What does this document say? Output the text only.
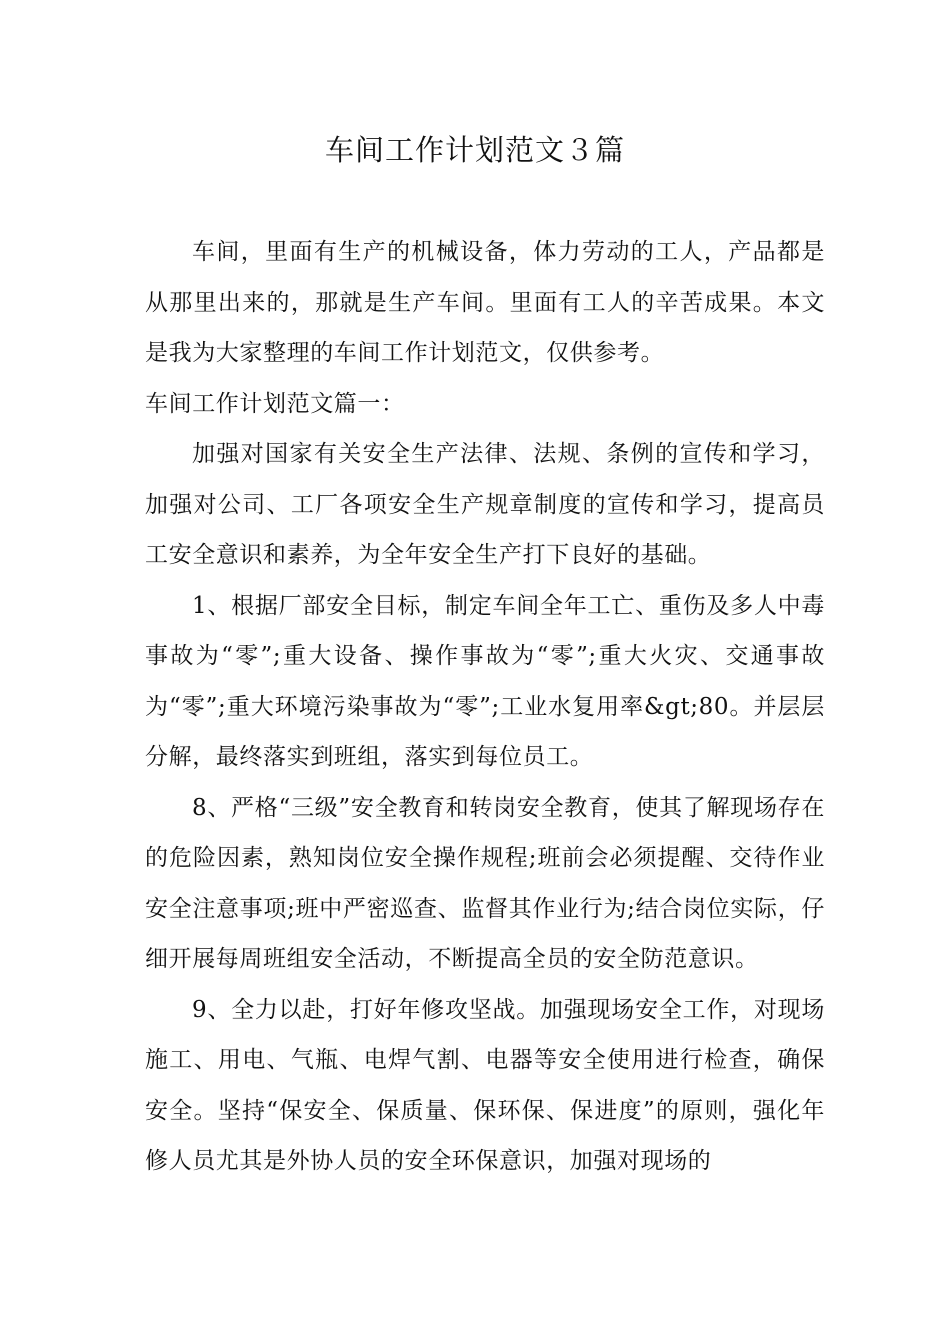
车间工作计划范文３篇

车间，里面有生产的机械设备，体力劳动的工人，产品都是从那里出来的，那就是生产车间。里面有工人的辛苦成果。本文是我为大家整理的车间工作计划范文，仅供参考。

车间工作计划范文篇一：

加强对国家有关安全生产法律、法规、条例的宣传和学习，加强对公司、工厂各项安全生产规章制度的宣传和学习，提高员工安全意识和素养，为全年安全生产打下良好的基础。

1、根据厂部安全目标，制定车间全年工亡、重伤及多人中毒事故为“零”;重大设备、操作事故为“零”;重大火灾、交通事故为“零”;重大环境污染事故为“零”;工业水复用率&gt;80。并层层分解，最终落实到班组，落实到每位员工。

8、严格“三级”安全教育和转岗安全教育，使其了解现场存在的危险因素，熟知岗位安全操作规程;班前会必须提醒、交待作业安全注意事项;班中严密巡查、监督其作业行为;结合岗位实际，仔细开展每周班组安全活动，不断提高全员的安全防范意识。

9、全力以赴，打好年修攻坚战。加强现场安全工作，对现场施工、用电、气瓶、电焊气割、电器等安全使用进行检查，确保安全。坚持“保安全、保质量、保环保、保进度”的原则，强化年修人员尤其是外协人员的安全环保意识，加强对现场的
